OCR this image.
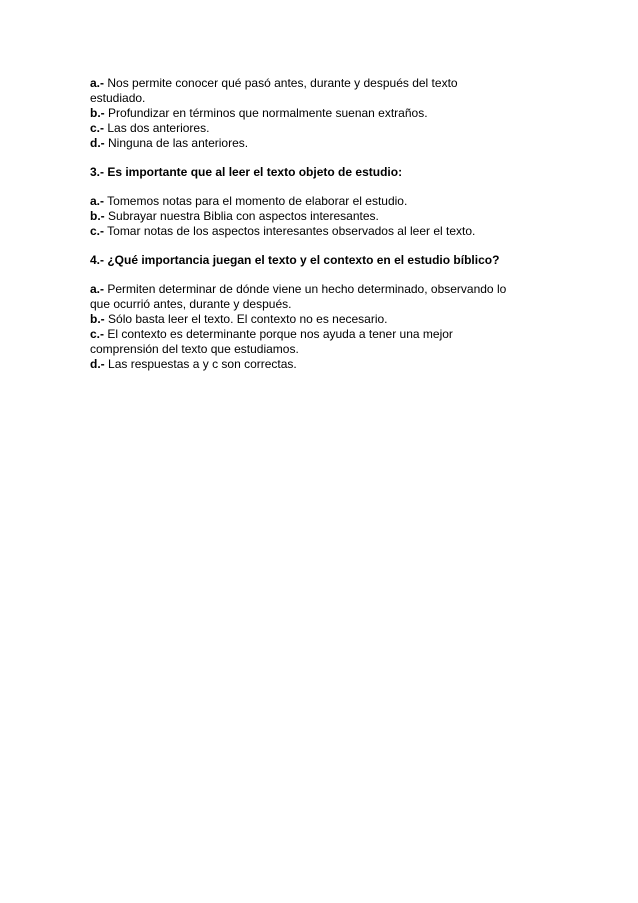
a.- Nos permite conocer qué pasó antes, durante y después del texto
estudiado.
b.- Profundizar en términos que normalmente suenan extraños.
c.- Las dos anteriores.
d.- Ninguna de las anteriores.
3.- Es importante que al leer el texto objeto de estudio:
a.- Tomemos notas para el momento de elaborar el estudio.
b.- Subrayar nuestra Biblia con aspectos interesantes.
c.- Tomar notas de los aspectos interesantes observados al leer el texto.
4.- ¿Qué importancia juegan el texto y el contexto en el estudio bíblico?
a.- Permiten determinar de dónde viene un hecho determinado, observando lo
que ocurrió antes, durante y después.
b.- Sólo basta leer el texto. El contexto no es necesario.
c.- El contexto es determinante porque nos ayuda a tener una mejor
comprensión del texto que estudiamos.
d.- Las respuestas a y c son correctas.
